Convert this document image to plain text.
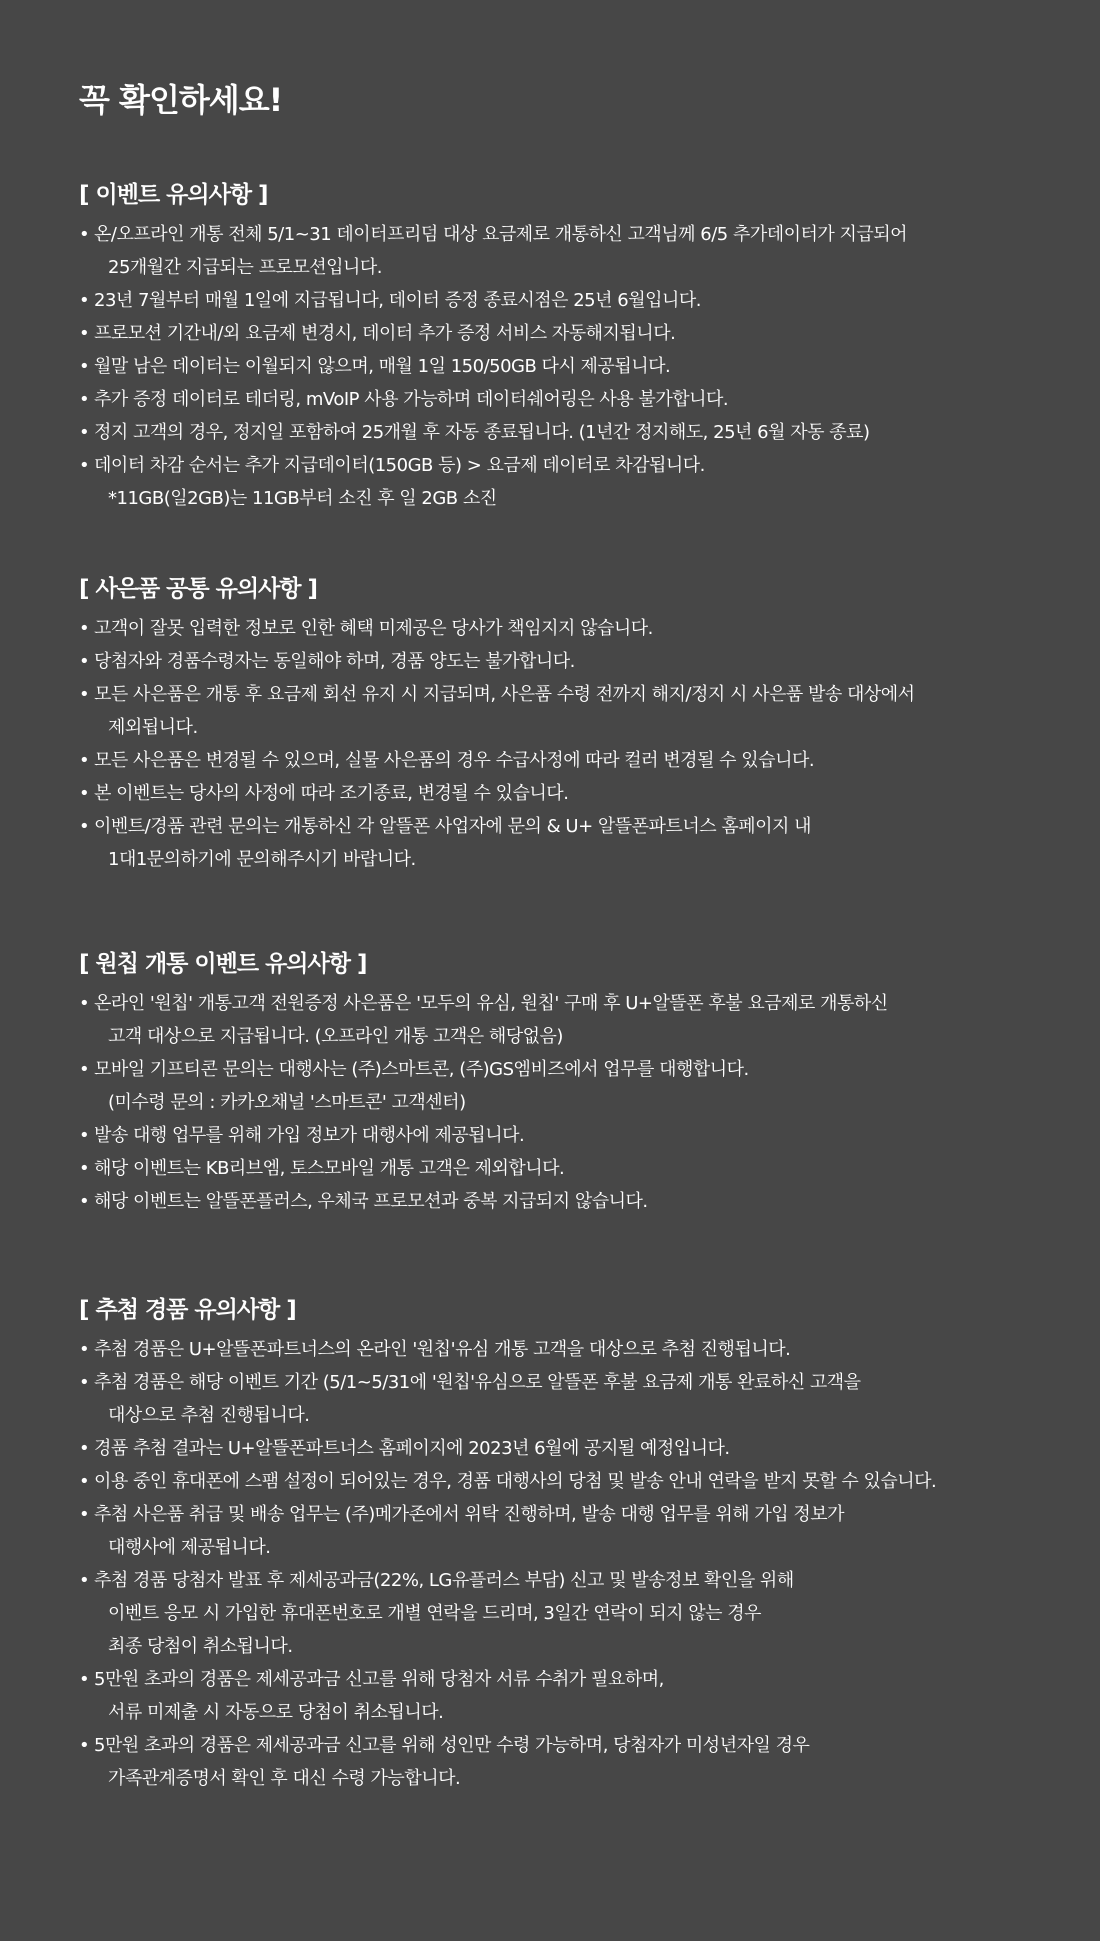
꼭 확인하세요!
[ 이벤트 유의사항 ]
• 온/오프라인 개통 전체 5/1~31 데이터프리덤 대상 요금제로 개통하신 고객님께 6/5 추가데이터가 지급되어
25개월간 지급되는 프로모션입니다.
• 23년 7월부터 매월 1일에 지급됩니다, 데이터 증정 종료시점은 25년 6월입니다.
• 프로모션 기간내/외 요금제 변경시, 데이터 추가 증정 서비스 자동해지됩니다.
• 월말 남은 데이터는 이월되지 않으며, 매월 1일 150/50GB 다시 제공됩니다.
• 추가 증정 데이터로 테더링, mVoIP 사용 가능하며 데이터쉐어링은 사용 불가합니다.
• 정지 고객의 경우, 정지일 포함하여 25개월 후 자동 종료됩니다. (1년간 정지해도, 25년 6월 자동 종료)
• 데이터 차감 순서는 추가 지급데이터(150GB 등) > 요금제 데이터로 차감됩니다.
*11GB(일2GB)는 11GB부터 소진 후 일 2GB 소진
[ 사은품 공통 유의사항 ]
• 고객이 잘못 입력한 정보로 인한 혜택 미제공은 당사가 책임지지 않습니다.
• 당첨자와 경품수령자는 동일해야 하며, 경품 양도는 불가합니다.
• 모든 사은품은 개통 후 요금제 회선 유지 시 지급되며, 사은품 수령 전까지 해지/정지 시 사은품 발송 대상에서
제외됩니다.
• 모든 사은품은 변경될 수 있으며, 실물 사은품의 경우 수급사정에 따라 컬러 변경될 수 있습니다.
• 본 이벤트는 당사의 사정에 따라 조기종료, 변경될 수 있습니다.
• 이벤트/경품 관련 문의는 개통하신 각 알뜰폰 사업자에 문의 & U+ 알뜰폰파트너스 홈페이지 내
1대1문의하기에 문의해주시기 바랍니다.
[ 원칩 개통 이벤트 유의사항 ]
• 온라인 '원칩' 개통고객 전원증정 사은품은 '모두의 유심, 원칩' 구매 후 U+알뜰폰 후불 요금제로 개통하신
고객 대상으로 지급됩니다. (오프라인 개통 고객은 해당없음)
• 모바일 기프티콘 문의는 대행사는 (주)스마트콘, (주)GS엠비즈에서 업무를 대행합니다.
(미수령 문의 : 카카오채널 '스마트콘' 고객센터)
• 발송 대행 업무를 위해 가입 정보가 대행사에 제공됩니다.
• 해당 이벤트는 KB리브엠, 토스모바일 개통 고객은 제외합니다.
• 해당 이벤트는 알뜰폰플러스, 우체국 프로모션과 중복 지급되지 않습니다.
[ 추첨 경품 유의사항 ]
• 추첨 경품은 U+알뜰폰파트너스의 온라인 '원칩'유심 개통 고객을 대상으로 추첨 진행됩니다.
• 추첨 경품은 해당 이벤트 기간 (5/1~5/31에 '원칩'유심으로 알뜰폰 후불 요금제 개통 완료하신 고객을
대상으로 추첨 진행됩니다.
• 경품 추첨 결과는 U+알뜰폰파트너스 홈페이지에 2023년 6월에 공지될 예정입니다.
• 이용 중인 휴대폰에 스팸 설정이 되어있는 경우, 경품 대행사의 당첨 및 발송 안내 연락을 받지 못할 수 있습니다.
• 추첨 사은품 취급 및 배송 업무는 (주)메가존에서 위탁 진행하며, 발송 대행 업무를 위해 가입 정보가
대행사에 제공됩니다.
• 추첨 경품 당첨자 발표 후 제세공과금(22%, LG유플러스 부담) 신고 및 발송정보 확인을 위해
이벤트 응모 시 가입한 휴대폰번호로 개별 연락을 드리며, 3일간 연락이 되지 않는 경우
최종 당첨이 취소됩니다.
• 5만원 초과의 경품은 제세공과금 신고를 위해 당첨자 서류 수취가 필요하며,
서류 미제출 시 자동으로 당첨이 취소됩니다.
• 5만원 초과의 경품은 제세공과금 신고를 위해 성인만 수령 가능하며, 당첨자가 미성년자일 경우
가족관계증명서 확인 후 대신 수령 가능합니다.
